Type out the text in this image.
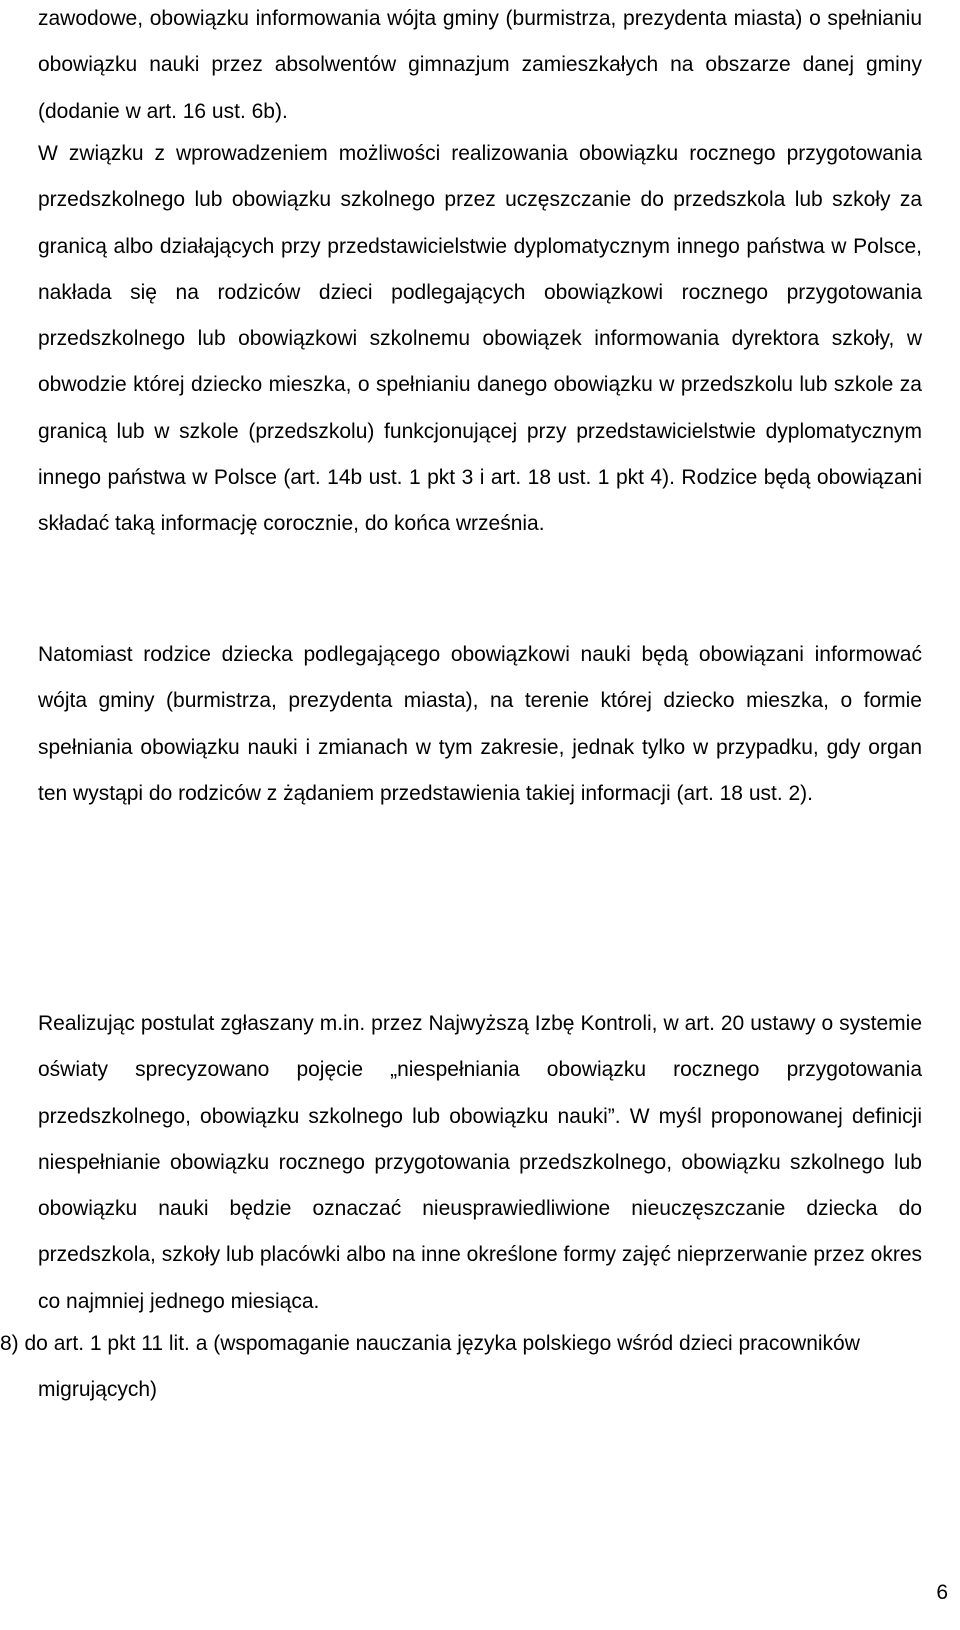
zawodowe, obowiązku informowania wójta gminy (burmistrza, prezydenta miasta) o spełnianiu obowiązku nauki przez absolwentów gimnazjum zamieszkałych na obszarze danej gminy (dodanie w art. 16 ust. 6b).

W związku z wprowadzeniem możliwości realizowania obowiązku rocznego przygotowania przedszkolnego lub obowiązku szkolnego przez uczęszczanie do przedszkola lub szkoły za granicą albo działających przy przedstawicielstwie dyplomatycznym innego państwa w Polsce, nakłada się na rodziców dzieci podlegających obowiązkowi rocznego przygotowania przedszkolnego lub obowiązkowi szkolnemu obowiązek informowania dyrektora szkoły, w obwodzie której dziecko mieszka, o spełnianiu danego obowiązku w przedszkolu lub szkole za granicą lub w szkole (przedszkolu) funkcjonującej przy przedstawicielstwie dyplomatycznym innego państwa w Polsce (art. 14b ust. 1 pkt 3 i art. 18 ust. 1 pkt 4). Rodzice będą obowiązani składać taką informację corocznie, do końca września.

Natomiast rodzice dziecka podlegającego obowiązkowi nauki będą obowiązani informować wójta gminy (burmistrza, prezydenta miasta), na terenie której dziecko mieszka, o formie spełniania obowiązku nauki i zmianach w tym zakresie, jednak tylko w przypadku, gdy organ ten wystąpi do rodziców z żądaniem przedstawienia takiej informacji (art. 18 ust. 2).

Realizując postulat zgłaszany m.in. przez Najwyższą Izbę Kontroli, w art. 20 ustawy o systemie oświaty sprecyzowano pojęcie „niespełniania obowiązku rocznego przygotowania przedszkolnego, obowiązku szkolnego lub obowiązku nauki”. W myśl proponowanej definicji niespełnianie obowiązku rocznego przygotowania przedszkolnego, obowiązku szkolnego lub obowiązku nauki będzie oznaczać nieusprawiedliwione nieuczęszczanie dziecka do przedszkola, szkoły lub placówki albo na inne określone formy zajęć nieprzerwanie przez okres co najmniej jednego miesiąca.

8) do art. 1 pkt 11 lit. a (wspomaganie nauczania języka polskiego wśród dzieci pracowników migrujących)

6
